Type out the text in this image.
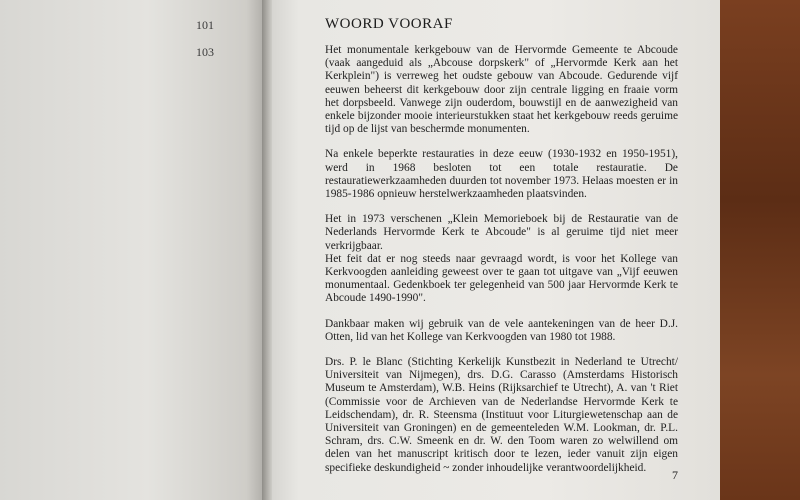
101
103
WOORD VOORAF

Het monumentale kerkgebouw van de Hervormde Gemeente te Abcoude (vaak aangeduid als „Abcouse dorpskerk" of „Hervormde Kerk aan het Kerkplein") is verreweg het oudste gebouw van Abcoude. Gedurende vijf eeuwen beheerst dit kerkgebouw door zijn centrale ligging en fraaie vorm het dorpsbeeld. Vanwege zijn ouderdom, bouwstijl en de aanwezigheid van enkele bijzonder mooie interieurstukken staat het kerkgebouw reeds geruime tijd op de lijst van beschermde monumenten.

Na enkele beperkte restauraties in deze eeuw (1930-1932 en 1950-1951), werd in 1968 besloten tot een totale restauratie. De restauratiewerkzaamheden duurden tot november 1973. Helaas moesten er in 1985-1986 opnieuw herstelwerkzaamheden plaatsvinden.

Het in 1973 verschenen „Klein Memorieboek bij de Restauratie van de Nederlands Hervormde Kerk te Abcoude" is al geruime tijd niet meer verkrijgbaar.

Het feit dat er nog steeds naar gevraagd wordt, is voor het Kollege van Kerkvoogden aanleiding geweest over te gaan tot uitgave van „Vijf eeuwen monumentaal. Gedenkboek ter gelegenheid van 500 jaar Hervormde Kerk te Abcoude 1490-1990".

Dankbaar maken wij gebruik van de vele aantekeningen van de heer D.J. Otten, lid van het Kollege van Kerkvoogden van 1980 tot 1988.

Drs. P. le Blanc (Stichting Kerkelijk Kunstbezit in Nederland te Utrecht/ Universiteit van Nijmegen), drs. D.G. Carasso (Amsterdams Historisch Museum te Amsterdam), W.B. Heins (Rijksarchief te Utrecht), A. van 't Riet (Commissie voor de Archieven van de Nederlandse Hervormde Kerk te Leidschendam), dr. R. Steensma (Instituut voor Liturgiewetenschap aan de Universiteit van Groningen) en de gemeenteleden W.M. Lookman, dr. P.L. Schram, drs. C.W. Smeenk en dr. W. den Toom waren zo welwillend om delen van het manuscript kritisch door te lezen, ieder vanuit zijn eigen specifieke deskundigheid ~ zonder inhoudelijke verantwoordelijkheid.

7
